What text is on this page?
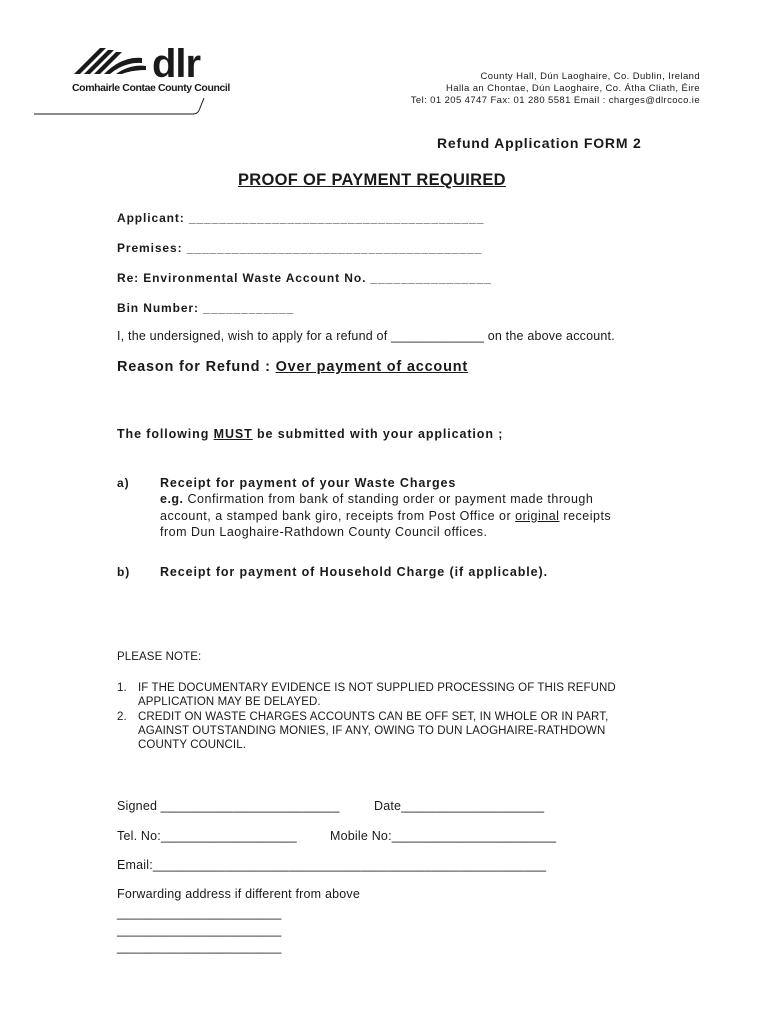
dlr
Comhairle Contae County Council
County Hall, Dún Laoghaire, Co. Dublin, Ireland
Halla an Chontae, Dún Laoghaire, Co. Átha Cliath, Éire
Tel: 01 205 4747 Fax: 01 280 5581 Email : charges@dlrcoco.ie
Refund Application FORM 2
PROOF OF PAYMENT REQUIRED
Applicant: _______________________________________
Premises: _______________________________________
Re: Environmental Waste Account No. ________________
Bin Number: ____________
I, the undersigned, wish to apply for a refund of _____________ on the above account.
Reason for Refund : Over payment of account
The following MUST be submitted with your application ;
a) Receipt for payment of your Waste Charges
e.g. Confirmation from bank of standing order or payment made through
account, a stamped bank giro, receipts from Post Office or original receipts
from Dun Laoghaire-Rathdown County Council offices.
b) Receipt for payment of Household Charge (if applicable).
PLEASE NOTE:
1. IF THE DOCUMENTARY EVIDENCE IS NOT SUPPLIED PROCESSING OF THIS REFUND
APPLICATION MAY BE DELAYED.
2. CREDIT ON WASTE CHARGES ACCOUNTS CAN BE OFF SET, IN WHOLE OR IN PART,
AGAINST OUTSTANDING MONIES, IF ANY, OWING TO DUN LAOGHAIRE-RATHDOWN
COUNTY COUNCIL.
Signed _________________________	Date____________________
Tel. No:___________________	Mobile No:_______________________
Email:_______________________________________________________
Forwarding address if different from above
_______________________
_______________________
_______________________
